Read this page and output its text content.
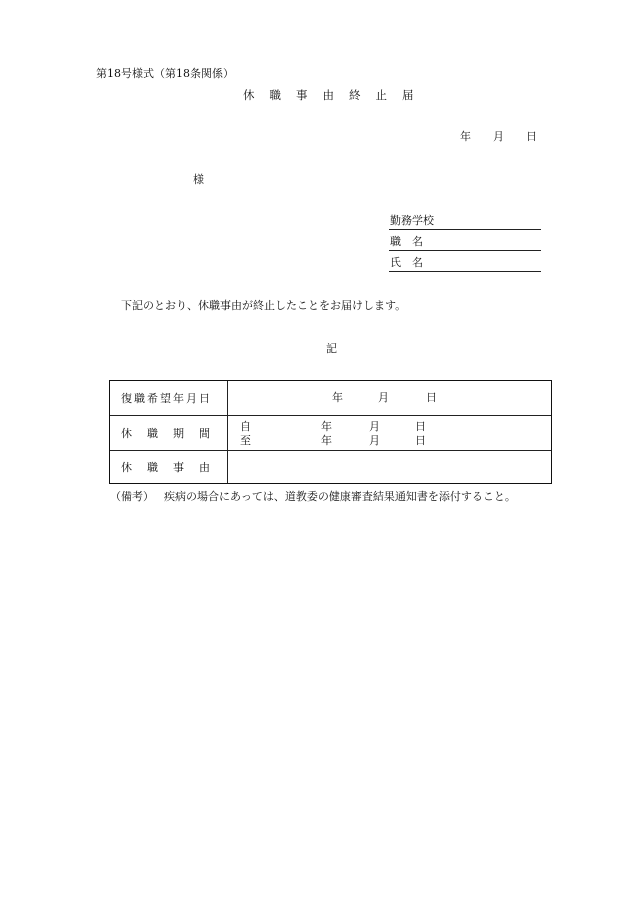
第18号様式（第18条関係）
休職事由終止届
年 月 日
様
勤務学校
職名
氏名
下記のとおり、休職事由が終止したことをお届けします。
記
復職希望年月日	年	月	日
休職期間 自	年	月	日
至	年	月	日
休職事由
（備考） 疾病の場合にあっては、道教委の健康審査結果通知書を添付すること。
